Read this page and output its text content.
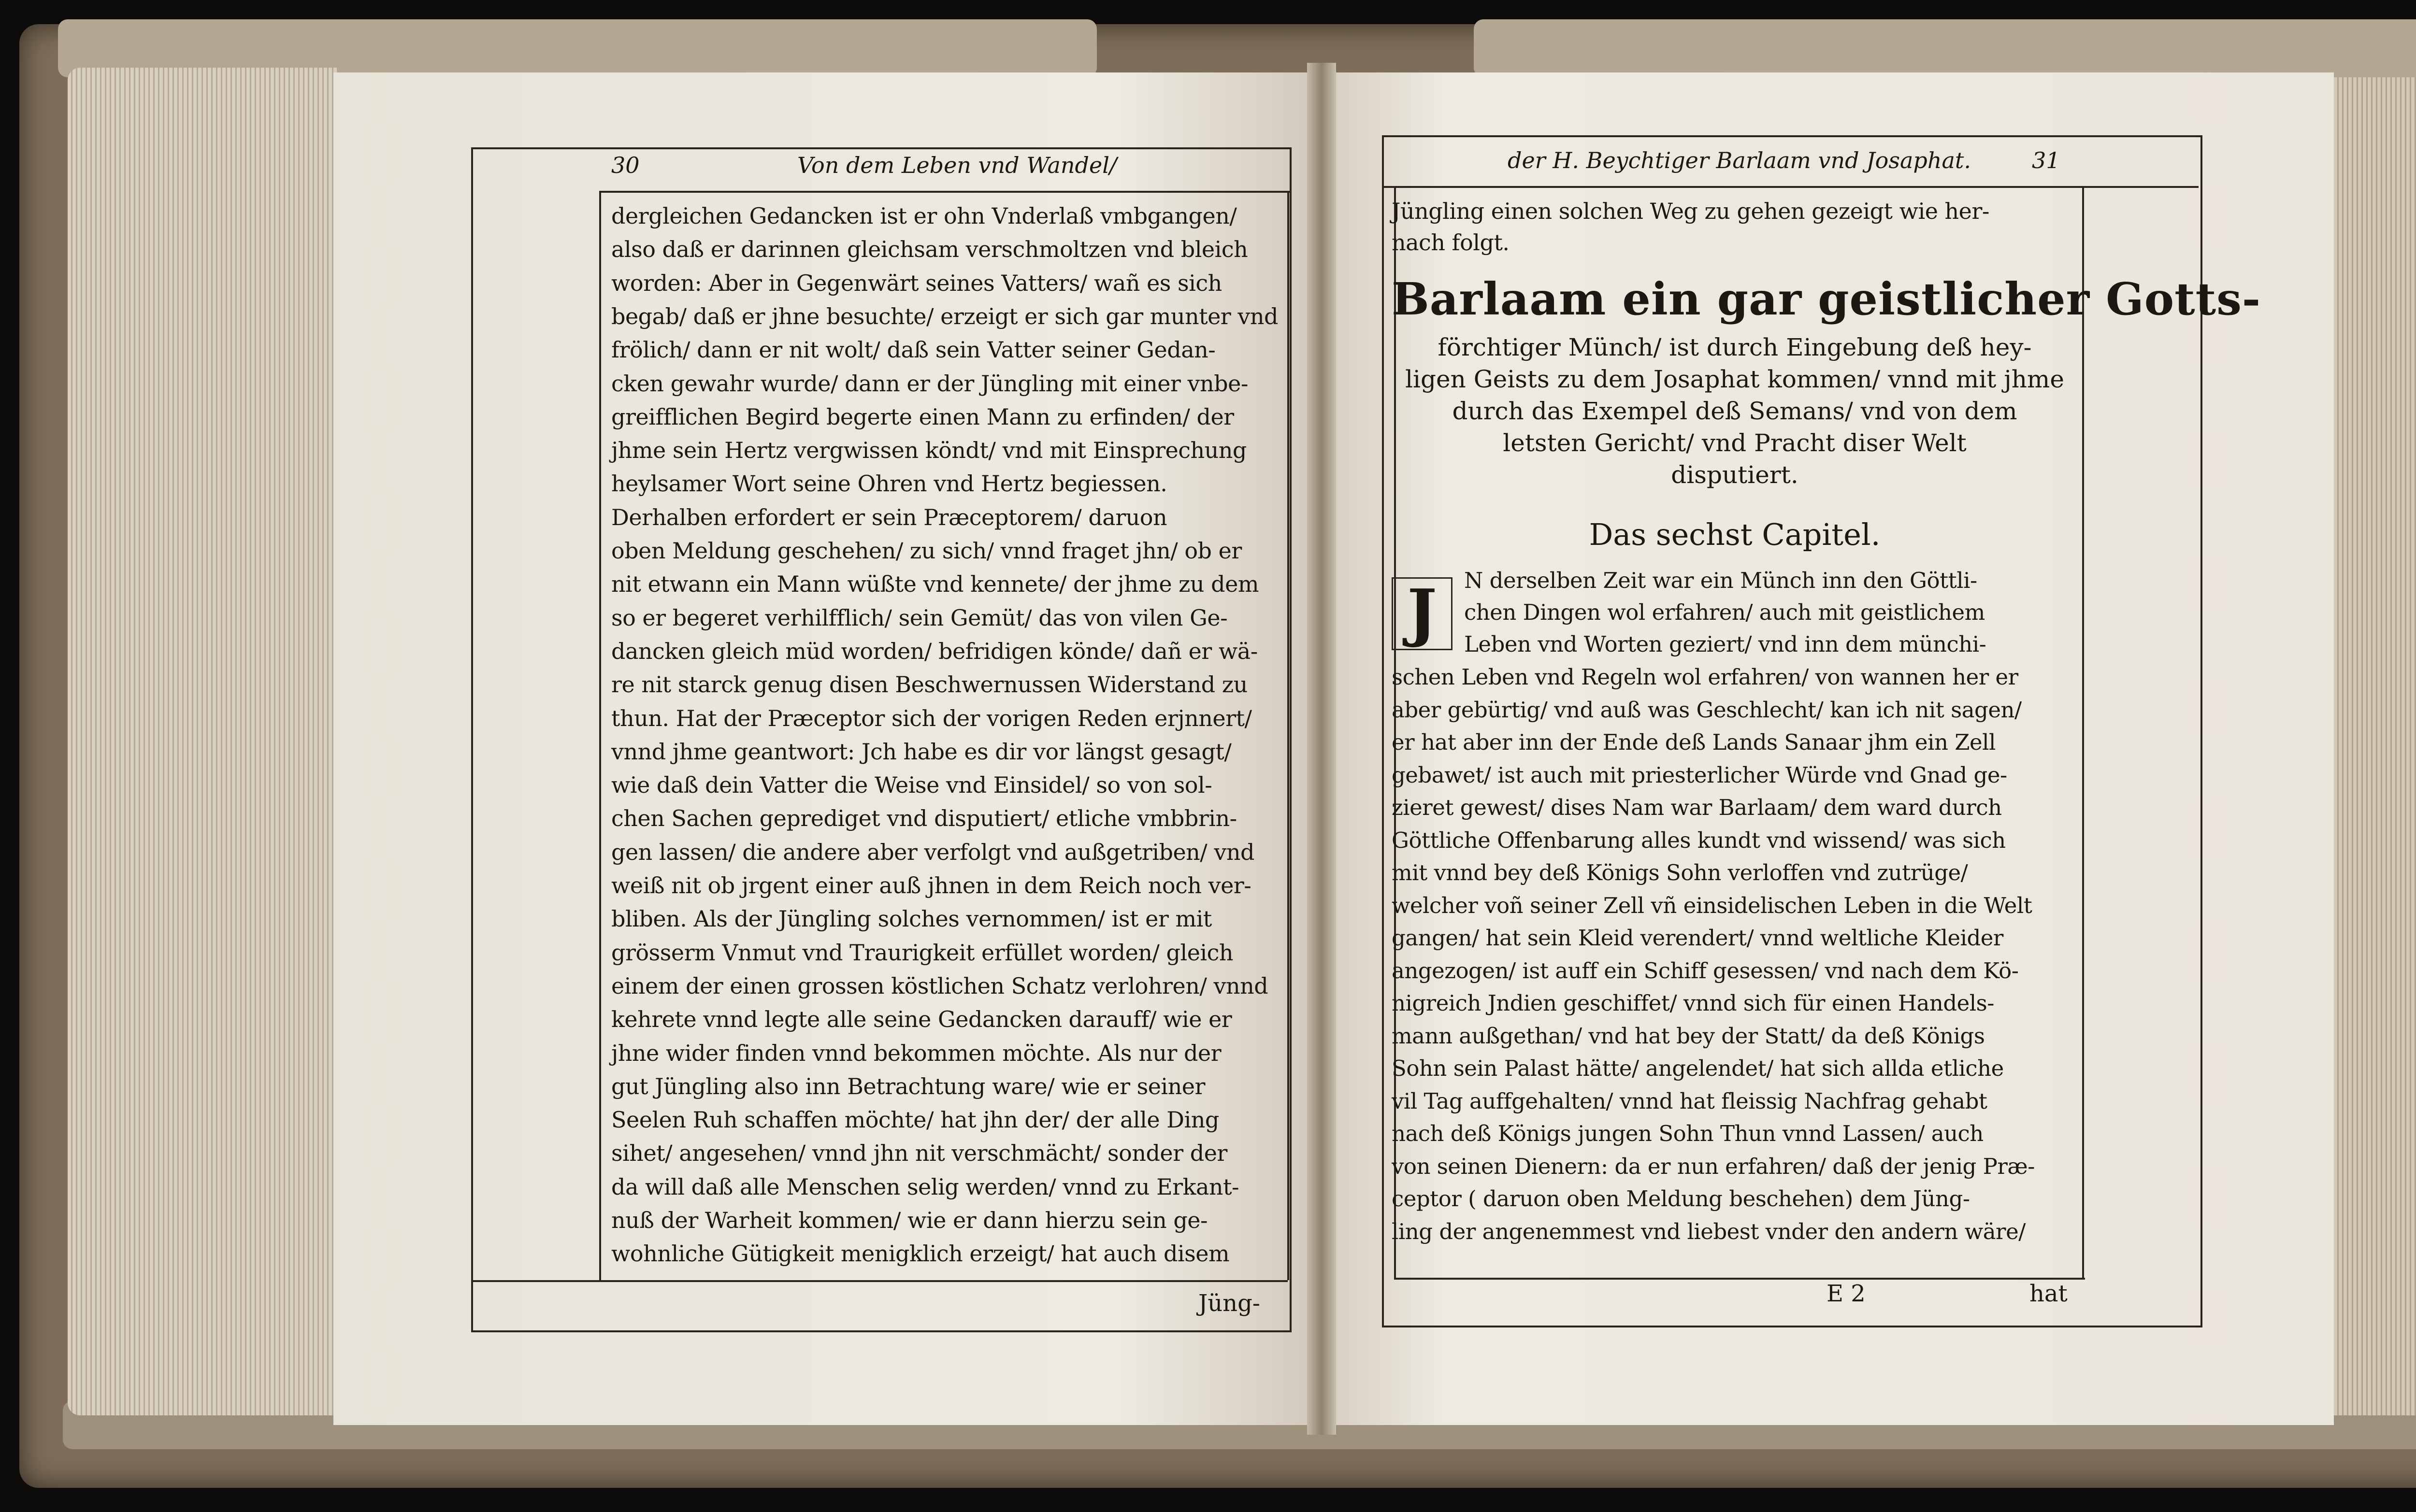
30	Von dem Leben vnd Wandel/
dergleichen Gedancken ist er ohn Vnderlaß vmbgangen/
also daß er darinnen gleichsam verschmoltzen vnd bleich
worden: Aber in Gegenwärt seines Vatters/ wañ es sich
begab/ daß er jhne besuchte/ erzeigt er sich gar munter vnd
frölich/ dann er nit wolt/ daß sein Vatter seiner Gedan-
cken gewahr wurde/ dann er der Jüngling mit einer vnbe-
greifflichen Begird begerte einen Mann zu erfinden/ der
jhme sein Hertz vergwissen köndt/ vnd mit Einsprechung
heylsamer Wort seine Ohren vnd Hertz begiessen.
Derhalben erfordert er sein Præceptorem/ daruon
oben Meldung geschehen/ zu sich/ vnnd fraget jhn/ ob er
nit etwann ein Mann wüßte vnd kennete/ der jhme zu dem
so er begeret verhilfflich/ sein Gemüt/ das von vilen Ge-
dancken gleich müd worden/ befridigen könde/ dañ er wä-
re nit starck genug disen Beschwernussen Widerstand zu
thun. Hat der Præceptor sich der vorigen Reden erjnnert/
vnnd jhme geantwort: Jch habe es dir vor längst gesagt/
wie daß dein Vatter die Weise vnd Einsidel/ so von sol-
chen Sachen geprediget vnd disputiert/ etliche vmbbrin-
gen lassen/ die andere aber verfolgt vnd außgetriben/ vnd
weiß nit ob jrgent einer auß jhnen in dem Reich noch ver-
bliben. Als der Jüngling solches vernommen/ ist er mit
grösserm Vnmut vnd Traurigkeit erfüllet worden/ gleich
einem der einen grossen köstlichen Schatz verlohren/ vnnd
kehrete vnnd legte alle seine Gedancken darauff/ wie er
jhne wider finden vnnd bekommen möchte. Als nur der
gut Jüngling also inn Betrachtung ware/ wie er seiner
Seelen Ruh schaffen möchte/ hat jhn der/ der alle Ding
sihet/ angesehen/ vnnd jhn nit verschmächt/ sonder der
da will daß alle Menschen selig werden/ vnnd zu Erkant-
nuß der Warheit kommen/ wie er dann hierzu sein ge-
wohnliche Gütigkeit menigklich erzeigt/ hat auch disem
Jüng-
der H. Beychtiger Barlaam vnd Josaphat.	31
Jüngling einen solchen Weg zu gehen gezeigt wie her-
nach folgt.
Barlaam ein gar geistlicher Gotts-
förchtiger Münch/ ist durch Eingebung deß hey-
ligen Geists zu dem Josaphat kommen/ vnnd mit jhme
durch das Exempel deß Semans/ vnd von dem
letsten Gericht/ vnd Pracht diser Welt
disputiert.
Das sechst Capitel.
J	N derselben Zeit war ein Münch inn den Göttli-
chen Dingen wol erfahren/ auch mit geistlichem
Leben vnd Worten geziert/ vnd inn dem münchi-
schen Leben vnd Regeln wol erfahren/ von wannen her er
aber gebürtig/ vnd auß was Geschlecht/ kan ich nit sagen/
er hat aber inn der Ende deß Lands Sanaar jhm ein Zell
gebawet/ ist auch mit priesterlicher Würde vnd Gnad ge-
zieret gewest/ dises Nam war Barlaam/ dem ward durch
Göttliche Offenbarung alles kundt vnd wissend/ was sich
mit vnnd bey deß Königs Sohn verloffen vnd zutrüge/
welcher voñ seiner Zell vñ einsidelischen Leben in die Welt
gangen/ hat sein Kleid verendert/ vnnd weltliche Kleider
angezogen/ ist auff ein Schiff gesessen/ vnd nach dem Kö-
nigreich Jndien geschiffet/ vnnd sich für einen Handels-
mann außgethan/ vnd hat bey der Statt/ da deß Königs
Sohn sein Palast hätte/ angelendet/ hat sich allda etliche
vil Tag auffgehalten/ vnnd hat fleissig Nachfrag gehabt
nach deß Königs jungen Sohn Thun vnnd Lassen/ auch
von seinen Dienern: da er nun erfahren/ daß der jenig Præ-
ceptor ( daruon oben Meldung beschehen) dem Jüng-
ling der angenemmest vnd liebest vnder den andern wäre/
E 2	hat
